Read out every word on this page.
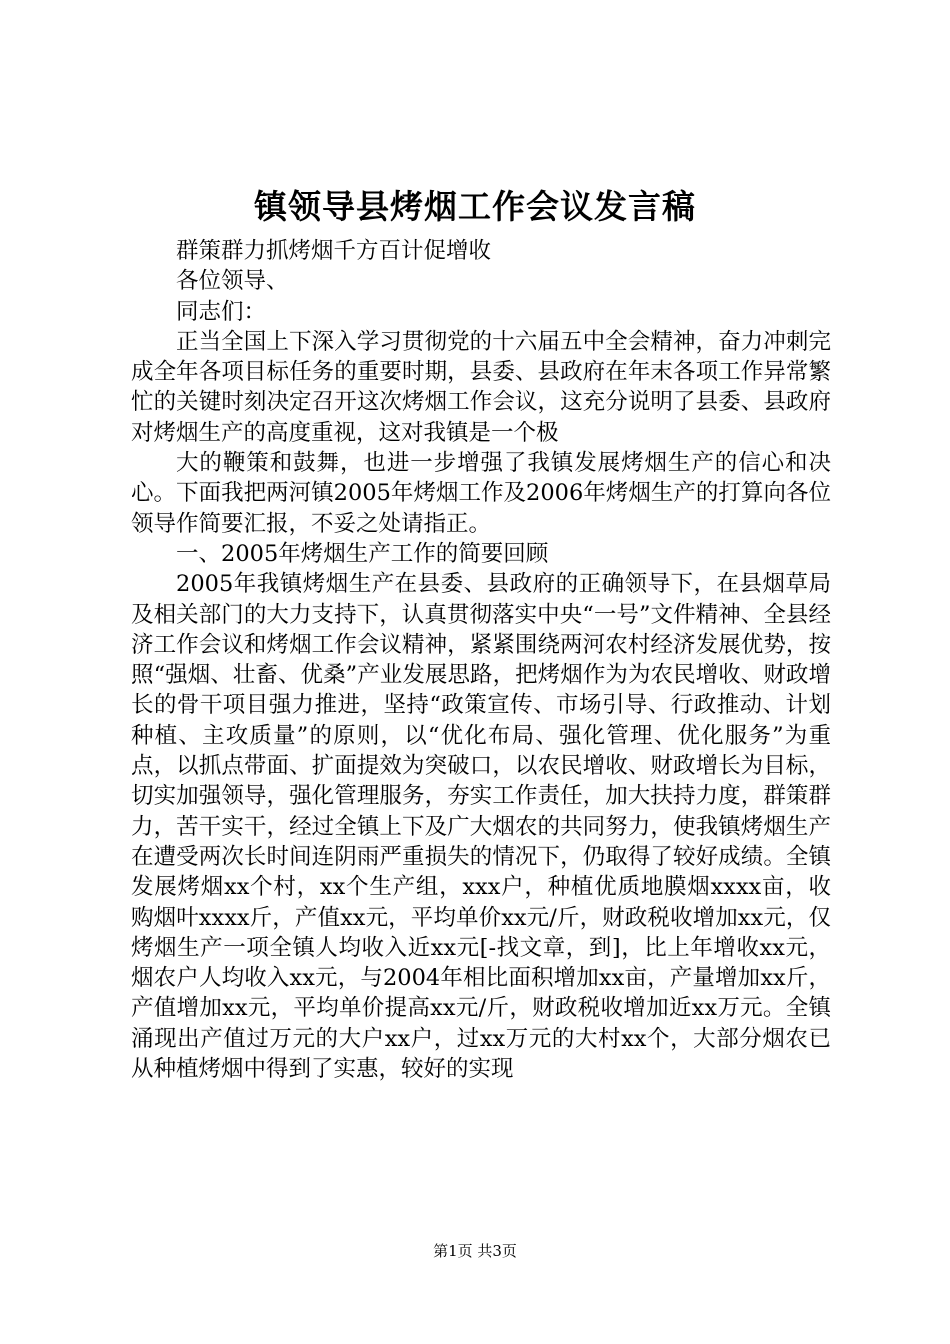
镇领导县烤烟工作会议发言稿

群策群力抓烤烟千方百计促增收

各位领导、

同志们：

正当全国上下深入学习贯彻党的十六届五中全会精神，奋力冲刺完成全年各项目标任务的重要时期，县委、县政府在年末各项工作异常繁忙的关键时刻决定召开这次烤烟工作会议，这充分说明了县委、县政府对烤烟生产的高度重视，这对我镇是一个极

大的鞭策和鼓舞，也进一步增强了我镇发展烤烟生产的信心和决心。下面我把两河镇2005年烤烟工作及2006年烤烟生产的打算向各位领导作简要汇报，不妥之处请指正。

一、2005年烤烟生产工作的简要回顾

2005年我镇烤烟生产在县委、县政府的正确领导下，在县烟草局及相关部门的大力支持下，认真贯彻落实中央“一号”文件精神、全县经济工作会议和烤烟工作会议精神，紧紧围绕两河农村经济发展优势，按照“强烟、壮畜、优桑”产业发展思路，把烤烟作为为农民增收、财政增长的骨干项目强力推进，坚持“政策宣传、市场引导、行政推动、计划种植、主攻质量”的原则，以“优化布局、强化管理、优化服务”为重点，以抓点带面、扩面提效为突破口，以农民增收、财政增长为目标，切实加强领导，强化管理服务，夯实工作责任，加大扶持力度，群策群力，苦干实干，经过全镇上下及广大烟农的共同努力，使我镇烤烟生产在遭受两次长时间连阴雨严重损失的情况下，仍取得了较好成绩。全镇发展烤烟xx个村，xx个生产组，xxx户，种植优质地膜烟xxxx亩，收购烟叶xxxx斤，产值xx元，平均单价xx元/斤，财政税收增加xx元，仅烤烟生产一项全镇人均收入近xx元[-找文章，到]，比上年增收xx元，烟农户人均收入xx元，与2004年相比面积增加xx亩，产量增加xx斤，产值增加xx元，平均单价提高xx元/斤，财政税收增加近xx万元。全镇涌现出产值过万元的大户xx户，过xx万元的大村xx个，大部分烟农已从种植烤烟中得到了实惠，较好的实现

第1页 共3页
